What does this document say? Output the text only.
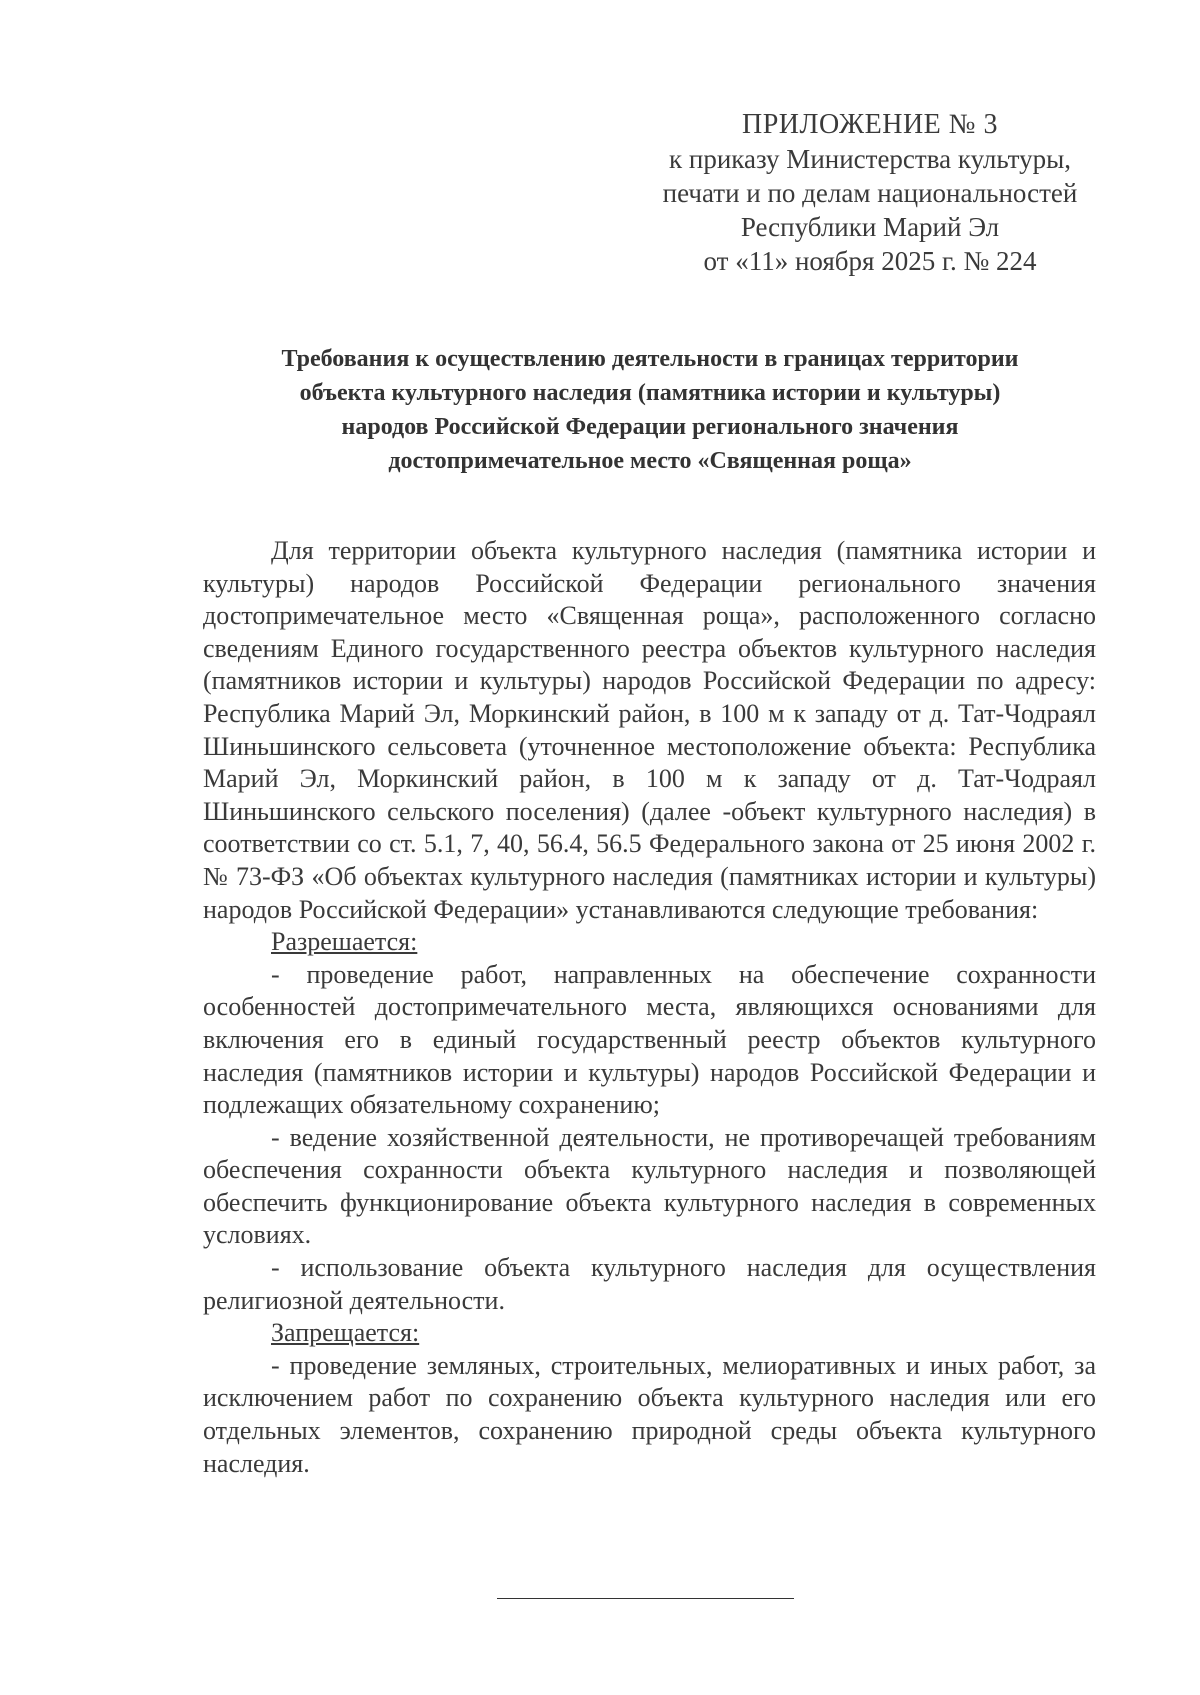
ПРИЛОЖЕНИЕ № 3
к приказу Министерства культуры,
печати и по делам национальностей
Республики Марий Эл
от «11» ноября 2025 г. № 224
Требования к осуществлению деятельности в границах территории
объекта культурного наследия (памятника истории и культуры)
народов Российской Федерации регионального значения
достопримечательное место «Священная роща»

Для территории объекта культурного наследия (памятника истории и культуры) народов Российской Федерации регионального значения достопримечательное место «Священная роща», расположенного согласно сведениям Единого государственного реестра объектов культурного наследия (памятников истории и культуры) народов Российской Федерации по адресу: Республика Марий Эл, Моркинский район, в 100 м к западу от д. Тат-Чодраял Шиньшинского сельсовета (уточненное местоположение объекта: Республика Марий Эл, Моркинский район, в 100 м к западу от д. Тат-Чодраял Шиньшинского сельского поселения) (далее -объект культурного наследия) в соответствии со ст. 5.1, 7, 40, 56.4, 56.5 Федерального закона от 25 июня 2002 г. № 73-ФЗ «Об объектах культурного наследия (памятниках истории и культуры) народов Российской Федерации» устанавливаются следующие требования:

Разрешается:

- проведение работ, направленных на обеспечение сохранности особенностей достопримечательного места, являющихся основаниями для включения его в единый государственный реестр объектов культурного наследия (памятников истории и культуры) народов Российской Федерации и подлежащих обязательному сохранению;

- ведение хозяйственной деятельности, не противоречащей требованиям обеспечения сохранности объекта культурного наследия и позволяющей обеспечить функционирование объекта культурного наследия в современных условиях.

- использование объекта культурного наследия для осуществления религиозной деятельности.

Запрещается:

- проведение земляных, строительных, мелиоративных и иных работ, за исключением работ по сохранению объекта культурного наследия или его отдельных элементов, сохранению природной среды объекта культурного наследия.
